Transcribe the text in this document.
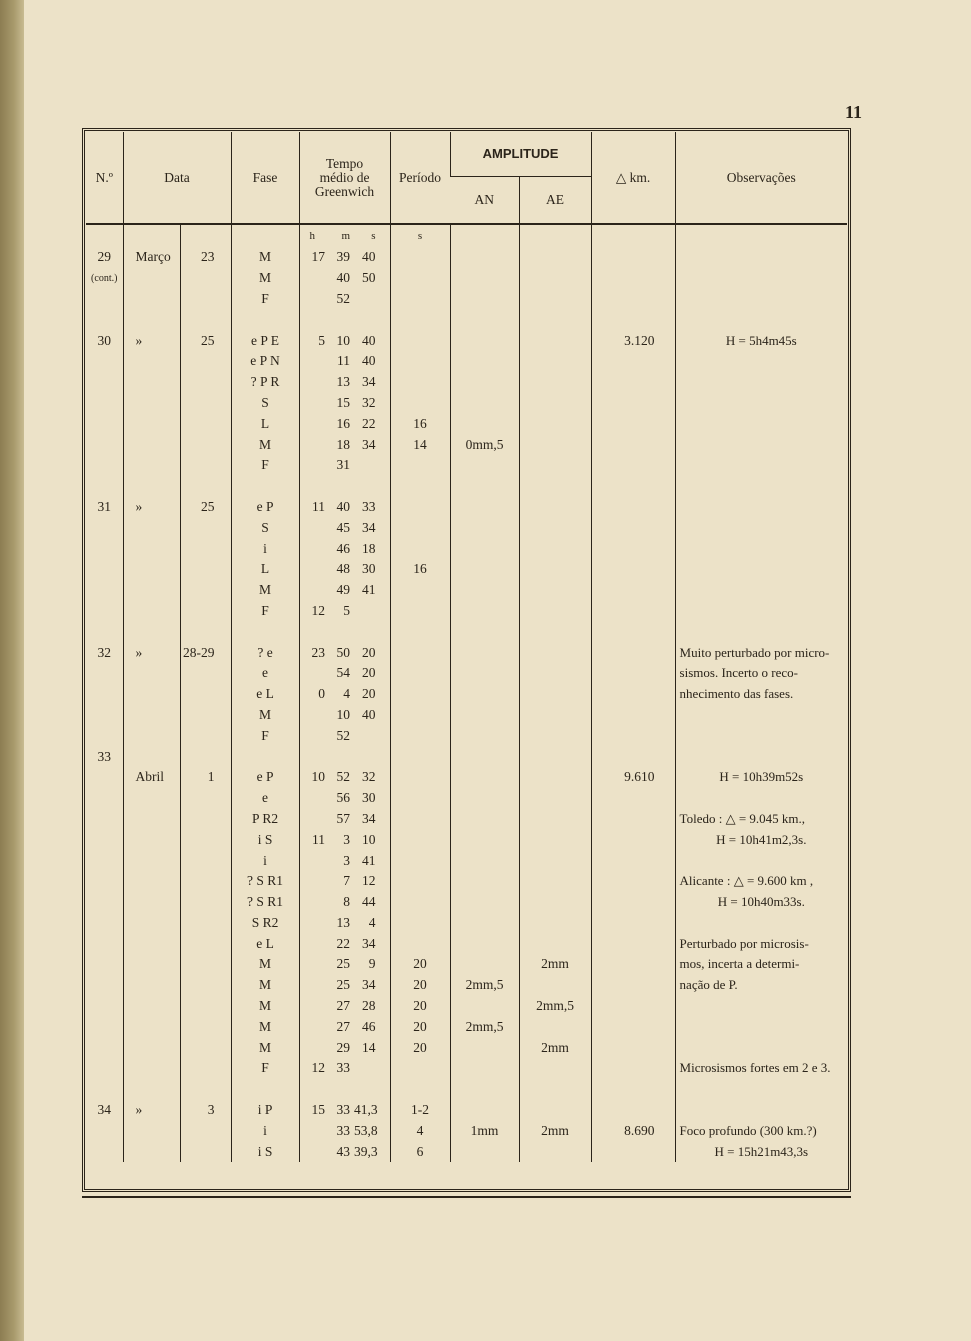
11
N.º	Data		Fase	Tempo médio de Greenwich			Período	AMPLITUDE		△ km.	Observações
								AN	AE		
				h	m	s	s				
29	Março	23	M	17	39	40					
(cont.)			M		40	50					
			F		52						

30	»	25	e P E	5	10	40				3.120	H = 5h4m45s
			e P N		11	40					
			? P R		13	34					
			S		15	32					
			L		16	22	16				
			M		18	34	14	0mm,5			
			F		31						

31	»	25	e P	11	40	33					
			S		45	34					
			i		46	18					
			L		48	30	16				
			M		49	41					
			F	12	5						

32	»	28-29	? e	23	50	20					Muito perturbado por micro-
			e		54	20					sismos. Incerto o reco-
			e L	0	4	20					nhecimento das fases.
			M		10	40					
			F		52						
33											
	Abril	1	e P	10	52	32				9.610	H = 10h39m52s
			e		56	30					
			P R2		57	34					Toledo : △ = 9.045 km.,
			i S	11	3	10					H = 10h41m2,3s.
			i		3	41					
			? S R1		7	12					Alicante : △ = 9.600 km ,
			? S R1		8	44					H = 10h40m33s.
			S R2		13	4					
			e L		22	34					Perturbado por microsis-
			M		25	9	20		2mm		mos, incerta a determi-
			M		25	34	20	2mm,5			nação de P.
			M		27	28	20		2mm,5		
			M		27	46	20	2mm,5			
			M		29	14	20		2mm		
			F	12	33						Microsismos fortes em 2 e 3.

34	»	3	i P	15	33	41,3	1-2				
			i		33	53,8	4	1mm	2mm	8.690	Foco profundo (300 km.?)
			i S		43	39,3	6				H = 15h21m43,3s
